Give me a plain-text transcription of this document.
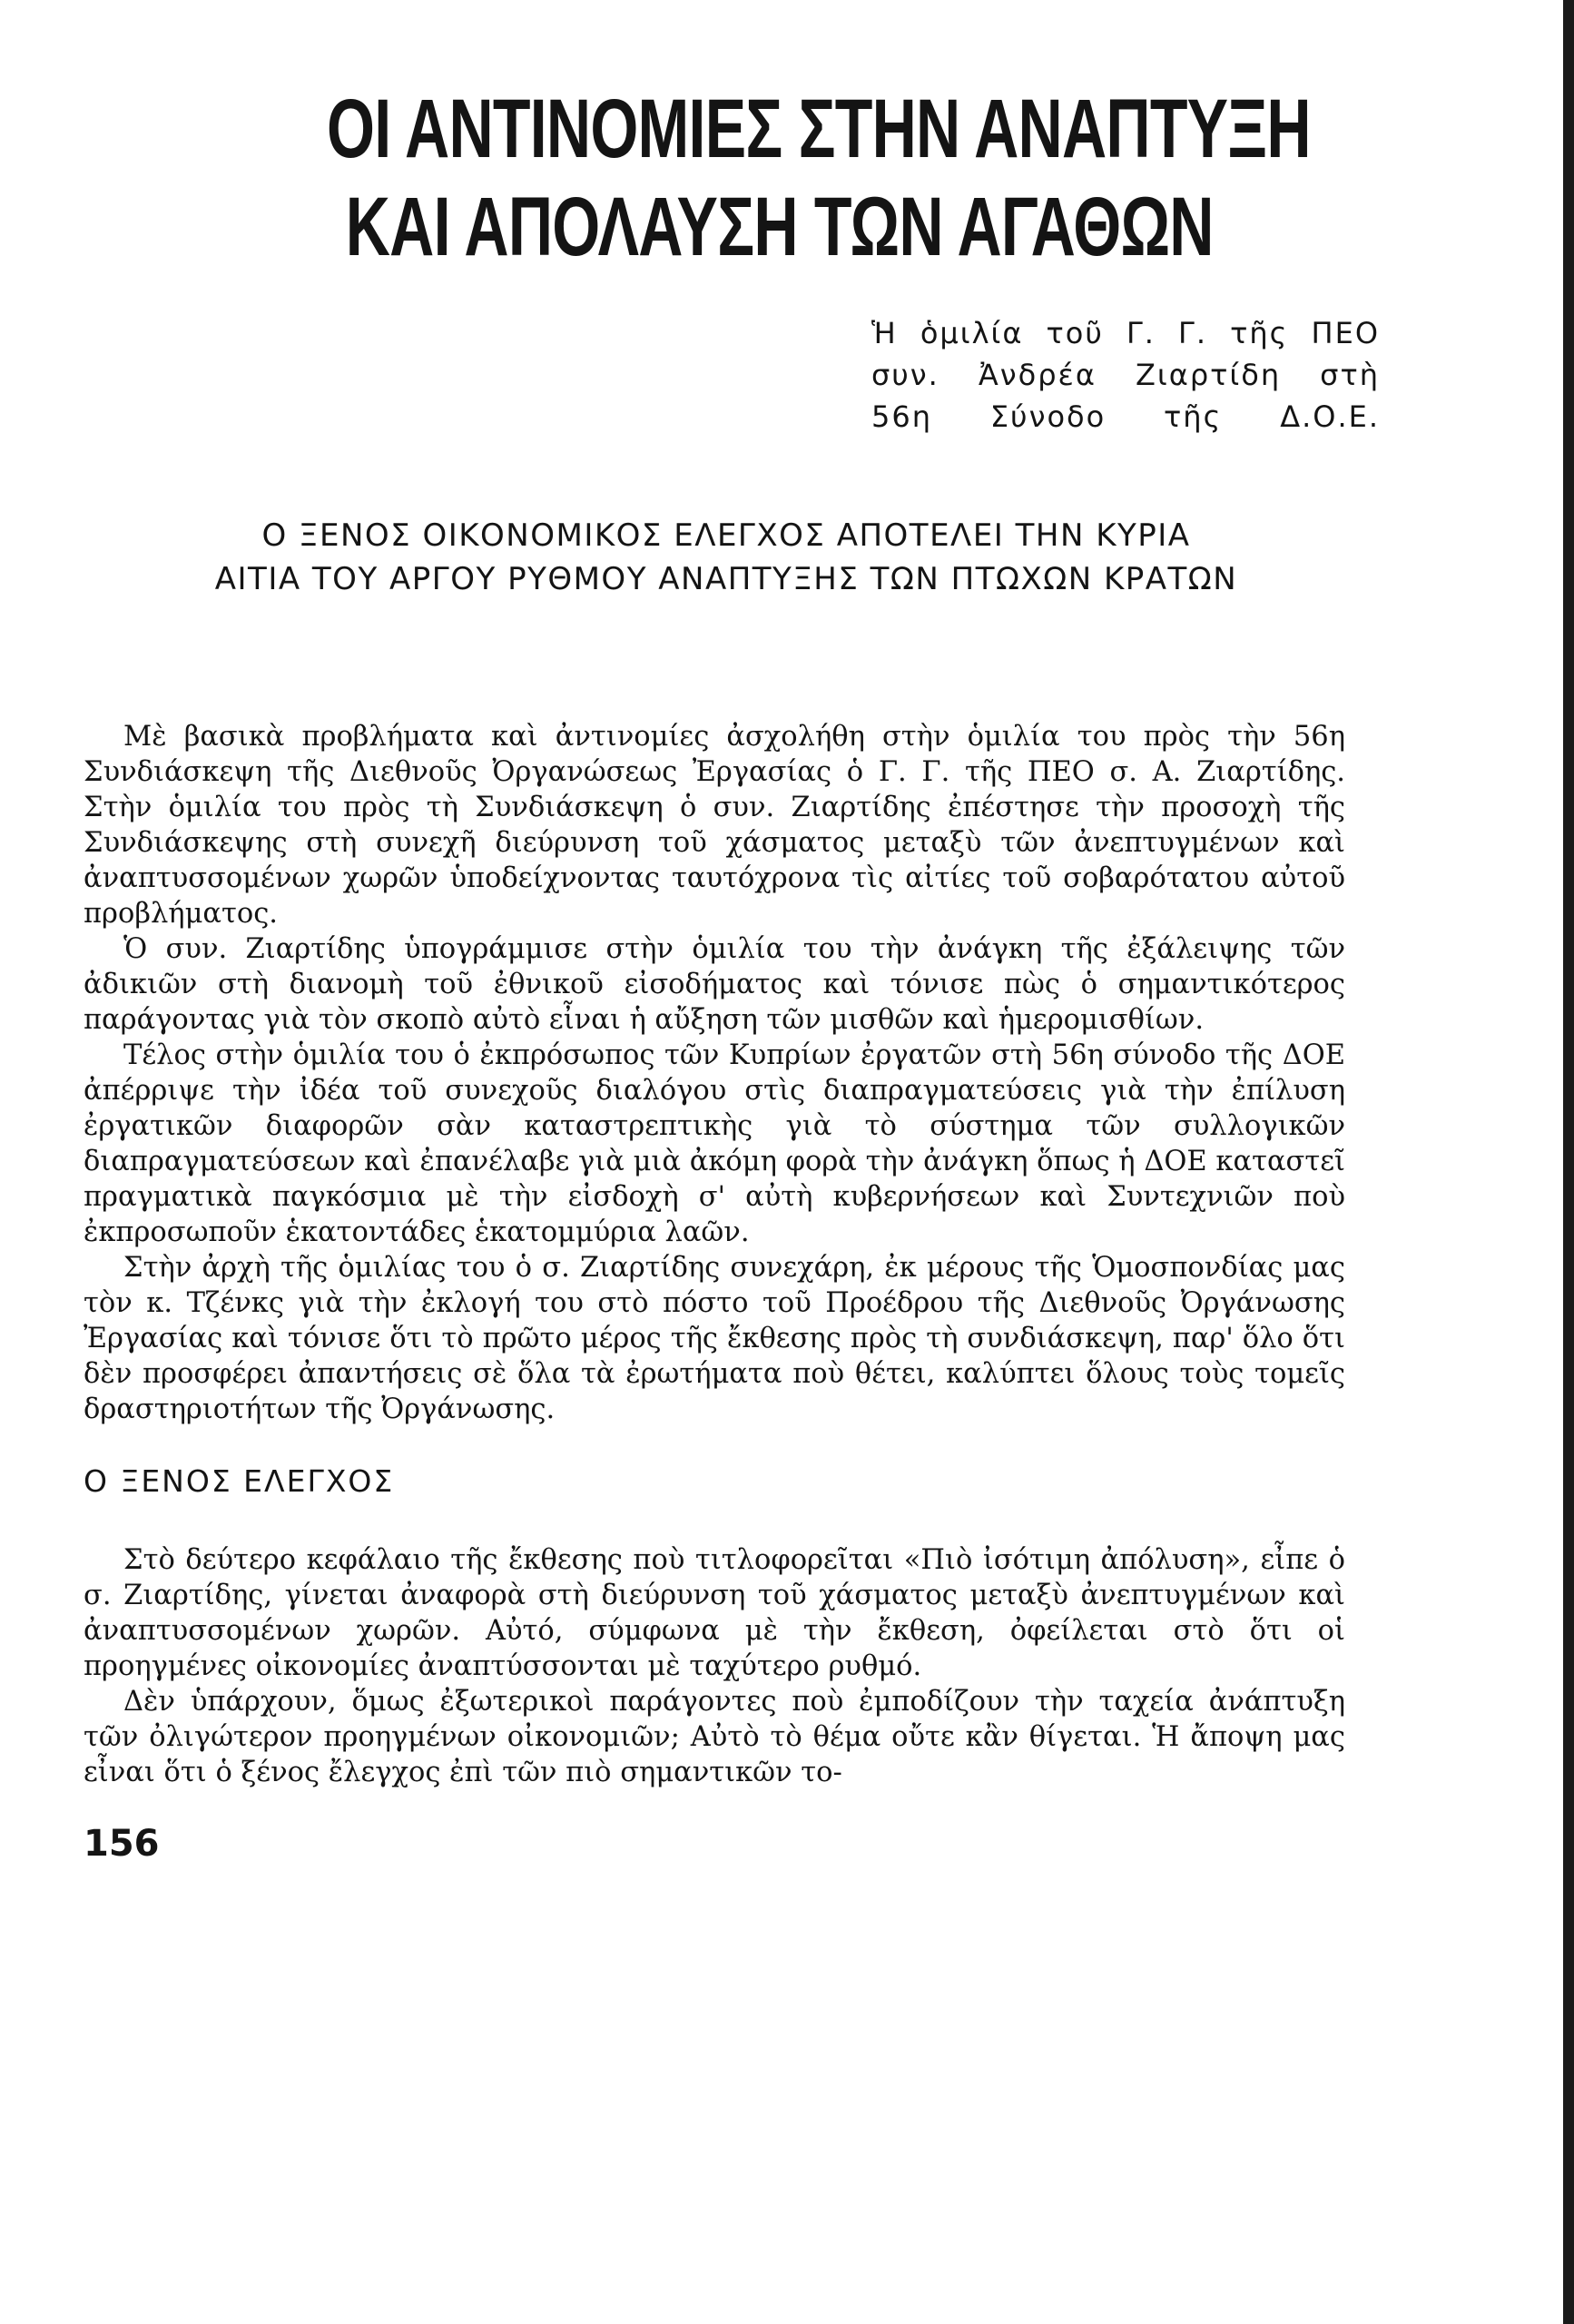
ΟΙ ΑΝΤΙΝΟΜΙΕΣ ΣΤΗΝ ΑΝΑΠΤΥΞΗ
ΚΑΙ ΑΠΟΛΑΥΣΗ ΤΩΝ ΑΓΑΘΩΝ
Ἡ ὁμιλία τοῦ Γ. Γ. τῆς ΠΕΟ
συν. Ἀνδρέα Ζιαρτίδη στὴ
56η Σύνοδο τῆς Δ.Ο.Ε.
Ο ΞΕΝΟΣ ΟΙΚΟΝΟΜΙΚΟΣ ΕΛΕΓΧΟΣ ΑΠΟΤΕΛΕΙ ΤΗΝ ΚΥΡΙΑ
ΑΙΤΙΑ ΤΟΥ ΑΡΓΟΥ ΡΥΘΜΟΥ ΑΝΑΠΤΥΞΗΣ ΤΩΝ ΠΤΩΧΩΝ ΚΡΑΤΩΝ

Μὲ βασικὰ προβλήματα καὶ ἀντινομίες ἀσχολήθη στὴν ὁμιλία του πρὸς τὴν 56η Συνδιάσκεψη τῆς Διεθνοῦς Ὀργανώσεως Ἐργασίας ὁ Γ. Γ. τῆς ΠΕΟ σ. Α. Ζιαρτίδης. Στὴν ὁμιλία του πρὸς τὴ Συνδιάσκεψη ὁ συν. Ζιαρτίδης ἐπέστησε τὴν προσοχὴ τῆς Συνδιάσκεψης στὴ συνεχῆ διεύρυνση τοῦ χάσματος μεταξὺ τῶν ἀνεπτυγμένων καὶ ἀναπτυσσομένων χωρῶν ὑποδείχνοντας ταυτόχρονα τὶς αἰτίες τοῦ σοβαρότατου αὐτοῦ προβλήματος.

Ὁ συν. Ζιαρτίδης ὑπογράμμισε στὴν ὁμιλία του τὴν ἀνάγκη τῆς ἐξάλειψης τῶν ἀδικιῶν στὴ διανομὴ τοῦ ἐθνικοῦ εἰσοδήματος καὶ τόνισε πὼς ὁ σημαντικότερος παράγοντας γιὰ τὸν σκοπὸ αὐτὸ εἶναι ἡ αὔξηση τῶν μισθῶν καὶ ἡμερομισθίων.

Τέλος στὴν ὁμιλία του ὁ ἐκπρόσωπος τῶν Κυπρίων ἐργατῶν στὴ 56η σύνοδο τῆς ΔΟΕ ἀπέρριψε τὴν ἰδέα τοῦ συνεχοῦς διαλόγου στὶς διαπραγματεύσεις γιὰ τὴν ἐπίλυση ἐργατικῶν διαφορῶν σὰν καταστρεπτικὴς γιὰ τὸ σύστημα τῶν συλλογικῶν διαπραγματεύσεων καὶ ἐπανέλαβε γιὰ μιὰ ἀκόμη φορὰ τὴν ἀνάγκη ὅπως ἡ ΔΟΕ καταστεῖ πραγματικὰ παγκόσμια μὲ τὴν εἰσδοχὴ σ' αὐτὴ κυβερνήσεων καὶ Συντεχνιῶν ποὺ ἐκπροσωποῦν ἑκατοντάδες ἑκατομμύρια λαῶν.

Στὴν ἀρχὴ τῆς ὁμιλίας του ὁ σ. Ζιαρτίδης συνεχάρη, ἐκ μέρους τῆς Ὁμοσπονδίας μας τὸν κ. Τζένκς γιὰ τὴν ἐκλογή του στὸ πόστο τοῦ Προέδρου τῆς Διεθνοῦς Ὀργάνωσης Ἐργασίας καὶ τόνισε ὅτι τὸ πρῶτο μέρος τῆς ἔκθεσης πρὸς τὴ συνδιάσκεψη, παρ' ὅλο ὅτι δὲν προσφέρει ἀπαντήσεις σὲ ὅλα τὰ ἐρωτήματα ποὺ θέτει, καλύπτει ὅλους τοὺς τομεῖς δραστηριοτήτων τῆς Ὀργάνωσης.

Ο ΞΕΝΟΣ ΕΛΕΓΧΟΣ

Στὸ δεύτερο κεφάλαιο τῆς ἔκθεσης ποὺ τιτλοφορεῖται «Πιὸ ἰσότιμη ἀπόλυση», εἶπε ὁ σ. Ζιαρτίδης, γίνεται ἀναφορὰ στὴ διεύρυνση τοῦ χάσματος μεταξὺ ἀνεπτυγμένων καὶ ἀναπτυσσομένων χωρῶν. Αὐτό, σύμφωνα μὲ τὴν ἔκθεση, ὀφείλεται στὸ ὅτι οἱ προηγμένες οἰκονομίες ἀναπτύσσονται μὲ ταχύτερο ρυθμό.

Δὲν ὑπάρχουν, ὅμως ἐξωτερικοὶ παράγοντες ποὺ ἐμποδίζουν τὴν ταχεία ἀνάπτυξη τῶν ὀλιγώτερον προηγμένων οἰκονομιῶν; Αὐτὸ τὸ θέμα οὔτε κἂν θίγεται. Ἡ ἄποψη μας εἶναι ὅτι ὁ ξένος ἔλεγχος ἐπὶ τῶν πιὸ σημαντικῶν το-

156
